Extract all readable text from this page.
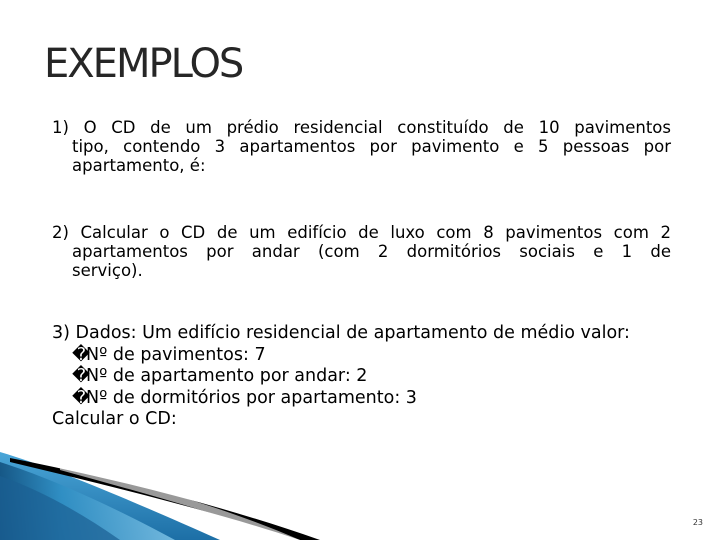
EXEMPLOS
1) O CD de um prédio residencial constituído de 10 pavimentos
tipo, contendo 3 apartamentos por pavimento e 5 pessoas por
apartamento, é:
2) Calcular o CD de um edifício de luxo com 8 pavimentos com 2
apartamentos por andar (com 2 dormitórios sociais e 1 de
serviço).
3) Dados: Um edifício residencial de apartamento de médio valor:
�Nº de pavimentos: 7
�Nº de apartamento por andar: 2
�Nº de dormitórios por apartamento: 3
Calcular o CD:
23
